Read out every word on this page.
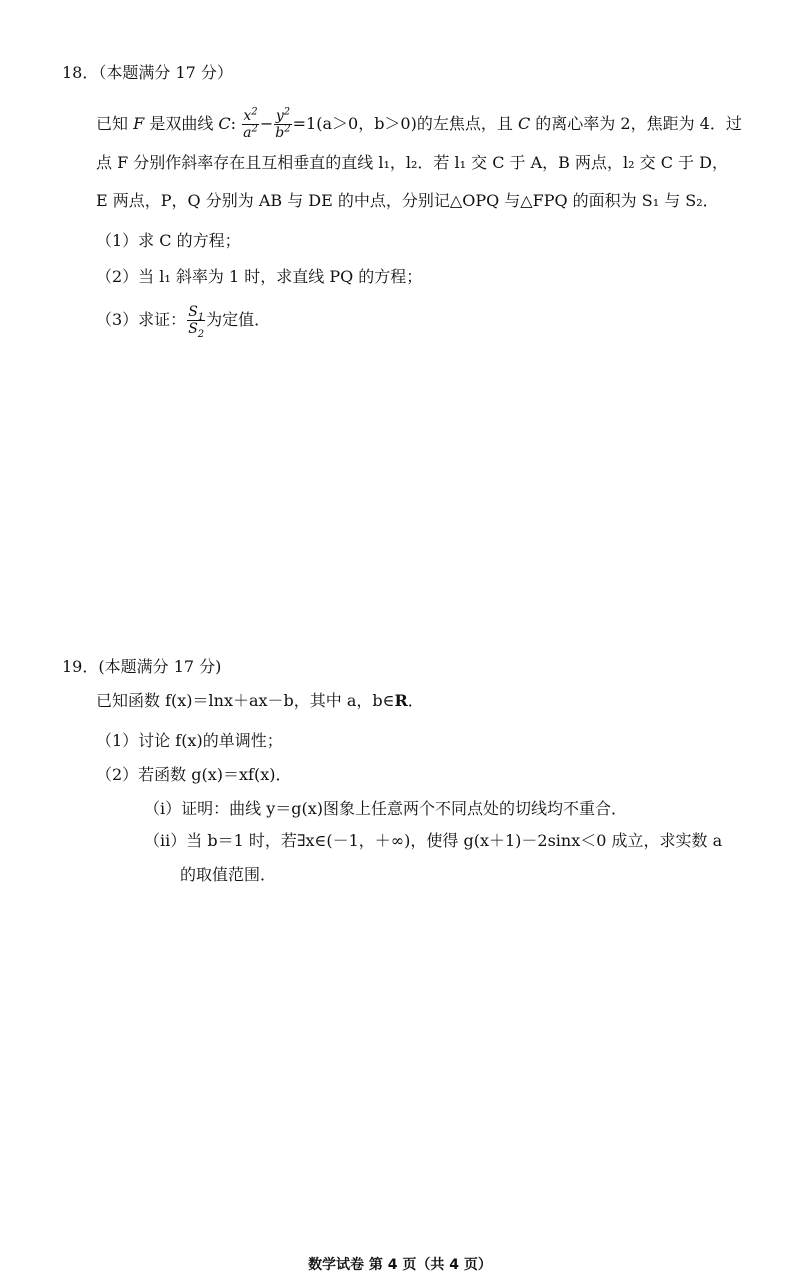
18．（本题满分 17 分）
已知 F 是双曲线 C: $\frac{x^2}{a^2} - \frac{y^2}{b^2} =1(a>0$，b＞0)的左焦点，且 C 的离心率为 2，焦距为 4．过
点 F 分别作斜率存在且互相垂直的直线 l₁，l₂．若 l₁ 交 C 于 A，B 两点，l₂ 交 C 于 D，
E 两点，P，Q 分别为 AB 与 DE 的中点，分别记△OPQ 与△FPQ 的面积为 S₁ 与 S₂．
（1）求 C 的方程；
（2）当 l₁ 斜率为 1 时，求直线 PQ 的方程；
（3）求证： $\frac{S_1}{S_2}$ 为定值．
19．(本题满分 17 分)
已知函数 f(x)＝lnx＋ax－b，其中 a，b∈R．
（1）讨论 f(x)的单调性；
（2）若函数 g(x)＝xf(x)．
（i）证明：曲线 y＝g(x)图象上任意两个不同点处的切线均不重合．
（ii）当 b＝1 时，若∃x∈(－1，＋∞)，使得 g(x＋1)－2sinx＜0 成立，求实数 a
的取值范围．
数学试卷 第 4 页（共 4 页）
